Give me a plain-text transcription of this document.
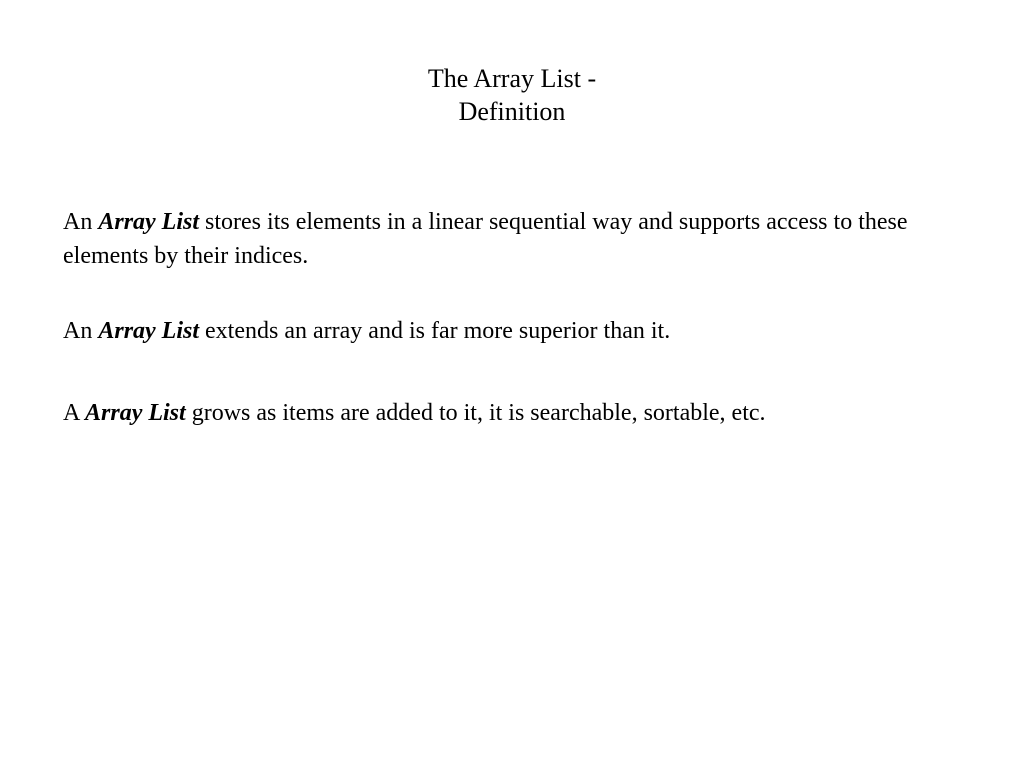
The Array List -
Definition

An Array List stores its elements in a linear sequential way and supports access to these elements by their indices.

An Array List extends an array and is far more superior than it.

A Array List grows as items are added to it, it is searchable, sortable, etc.
